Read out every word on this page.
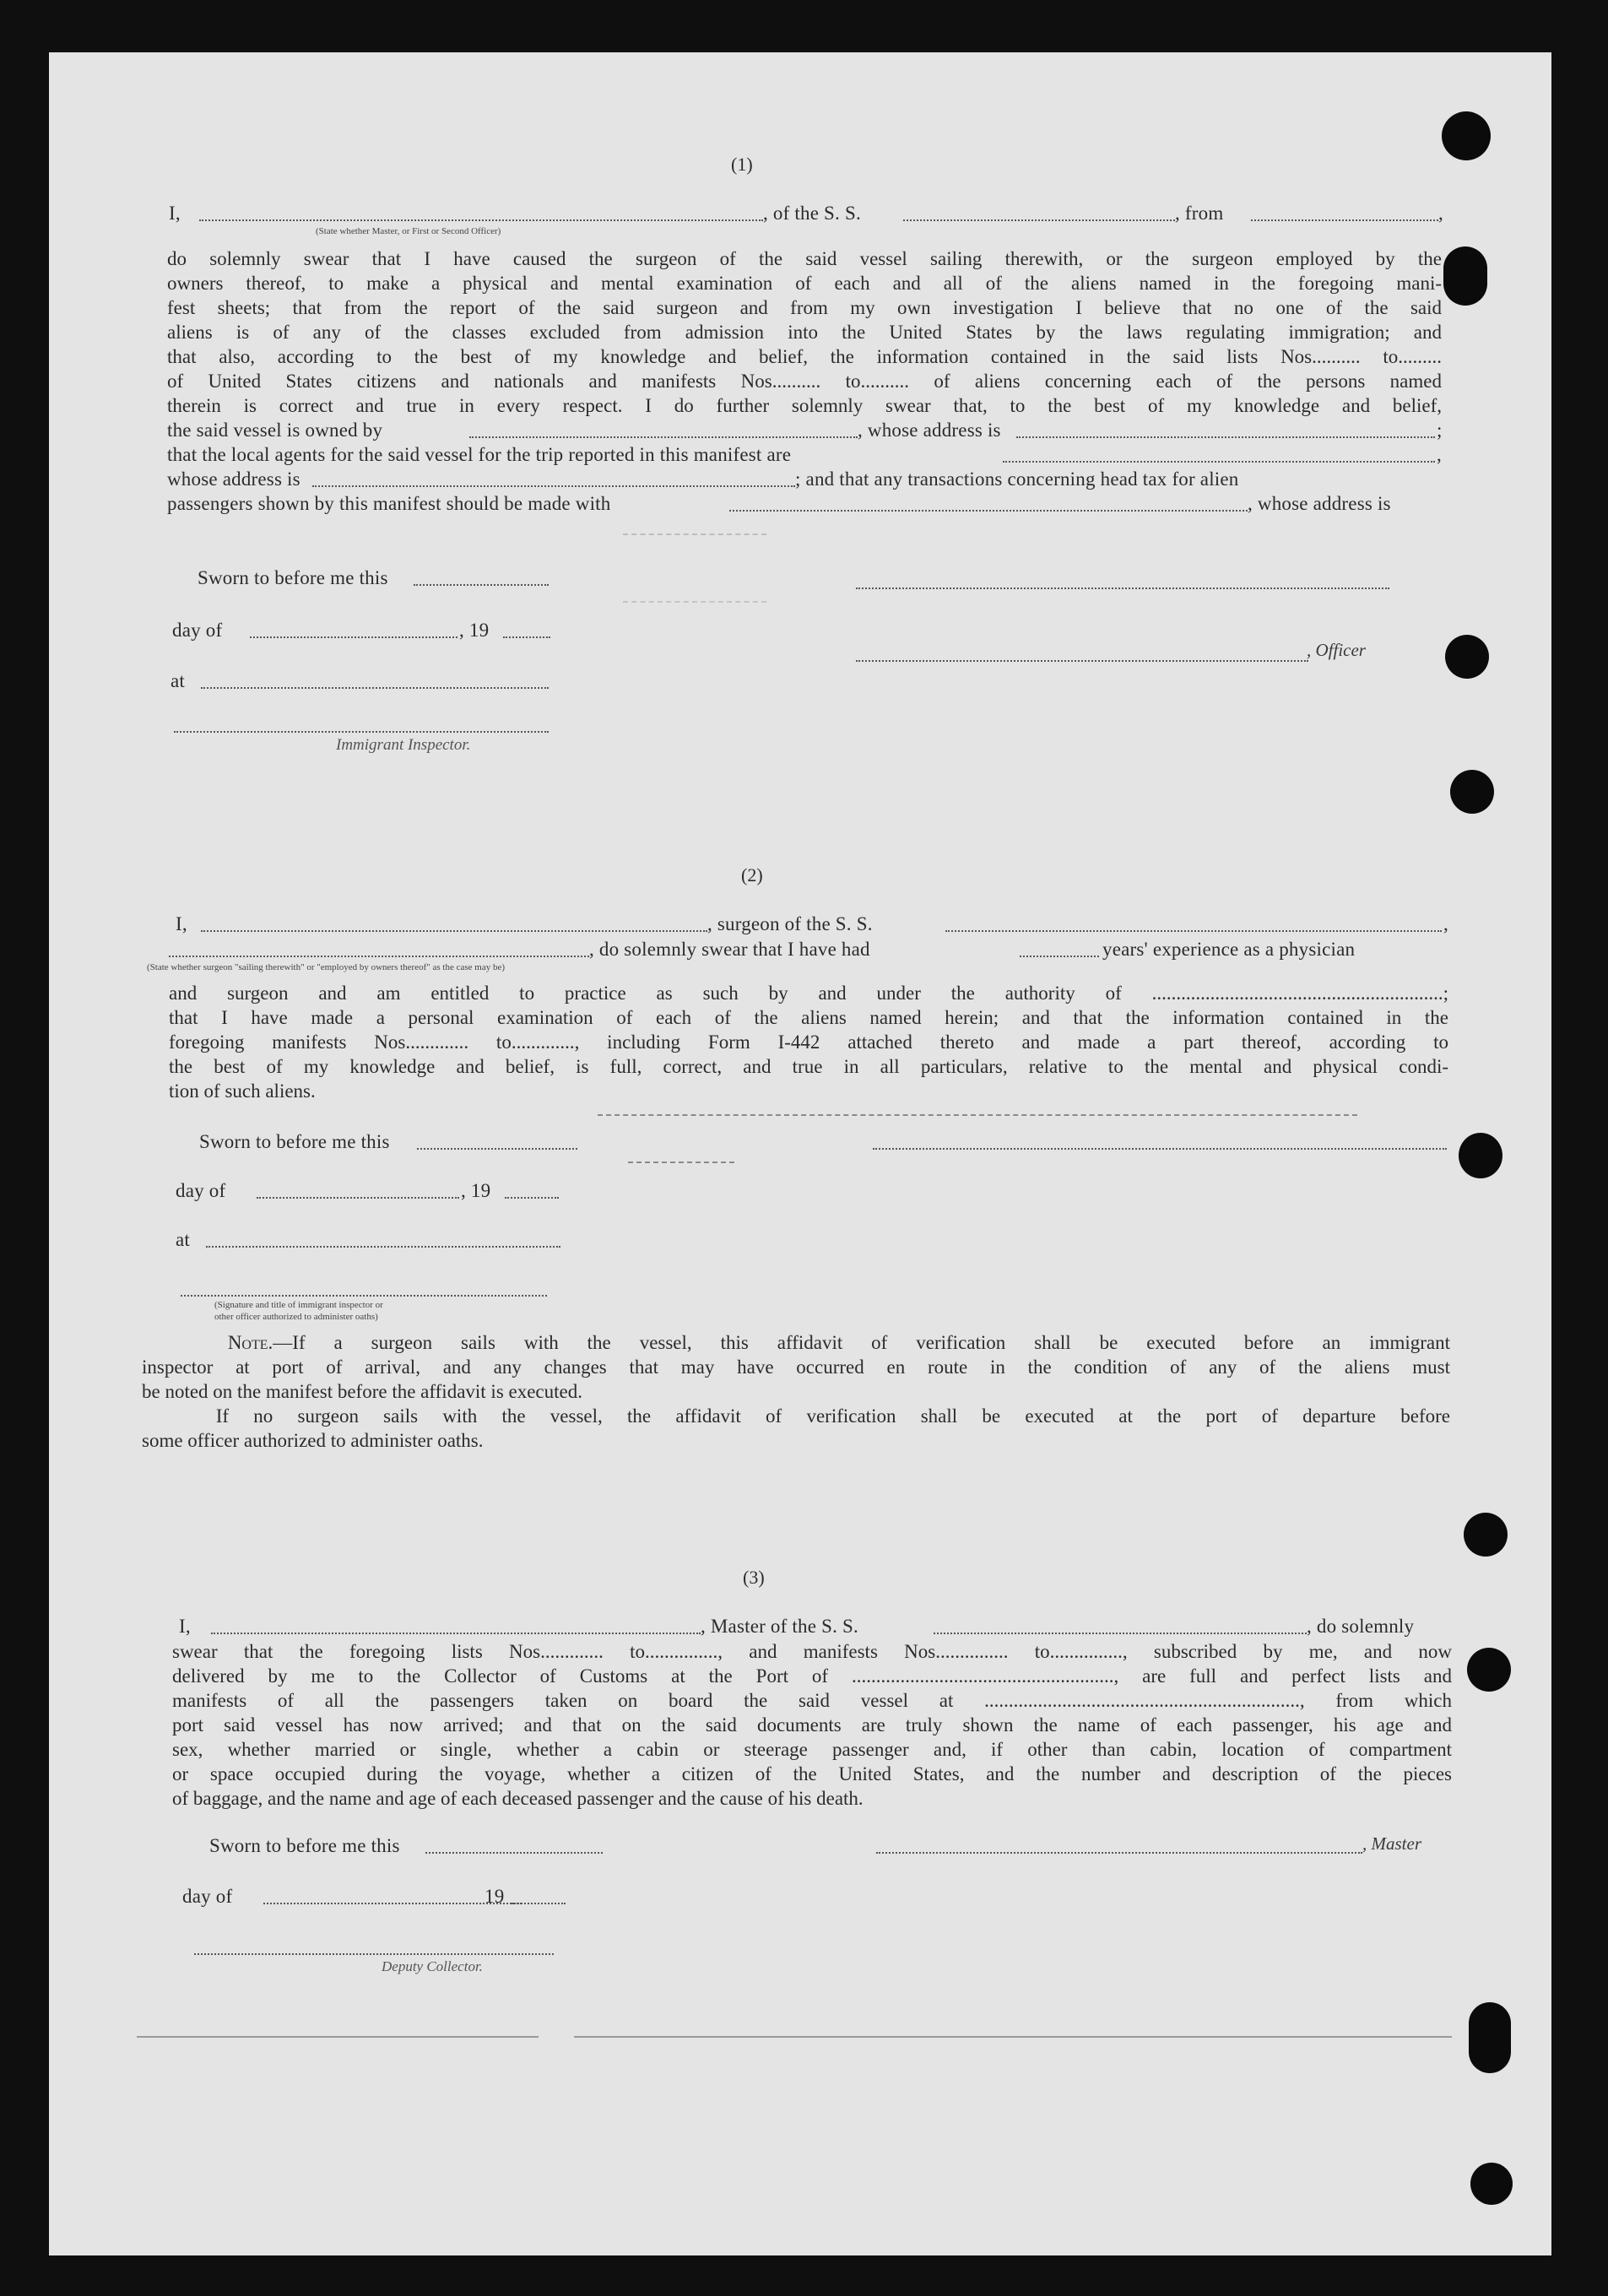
(1)
I,	, of the S. S.	, from	,
(State whether Master, or First or Second Officer)

do solemnly swear that I have caused the surgeon of the said vessel sailing therewith, or the surgeon employed by the

owners thereof, to make a physical and mental examination of each and all of the aliens named in the foregoing mani-

fest sheets; that from the report of the said surgeon and from my own investigation I believe that no one of the said

aliens is of any of the classes excluded from admission into the United States by the laws regulating immigration; and

that also, according to the best of my knowledge and belief, the information contained in the said lists Nos.......... to.........

of United States citizens and nationals and manifests Nos.......... to.......... of aliens concerning each of the persons named

therein is correct and true in every respect. I do further solemnly swear that, to the best of my knowledge and belief,

the said vessel is owned by	, whose address is	;
that the local agents for the said vessel for the trip reported in this manifest are	,
whose address is	; and that any transactions concerning head tax for alien
passengers shown by this manifest should be made with	, whose address is
Sworn to before me this
day of	, 19
at
Immigrant Inspector.
, Officer
(2)
I,	, surgeon of the S. S.	,
, do solemnly swear that I have had	years' experience as a physician
(State whether surgeon "sailing therewith" or "employed by owners thereof" as the case may be)

and surgeon and am entitled to practice as such by and under the authority of ............................................................;

that I have made a personal examination of each of the aliens named herein; and that the information contained in the

foregoing manifests Nos............. to............., including Form I-442 attached thereto and made a part thereof, according to

the best of my knowledge and belief, is full, correct, and true in all particulars, relative to the mental and physical condi-

tion of such aliens.

Sworn to before me this
day of	, 19
at
(Signature and title of immigrant inspector or
other officer authorized to administer oaths)

Note.—If a surgeon sails with the vessel, this affidavit of verification shall be executed before an immigrant

inspector at port of arrival, and any changes that may have occurred en route in the condition of any of the aliens must

be noted on the manifest before the affidavit is executed.

If no surgeon sails with the vessel, the affidavit of verification shall be executed at the port of departure before

some officer authorized to administer oaths.

(3)
I,	, Master of the S. S.	, do solemnly

swear that the foregoing lists Nos............. to..............., and manifests Nos............... to..............., subscribed by me, and now

delivered by me to the Collector of Customs at the Port of ......................................................, are full and perfect lists and

manifests of all the passengers taken on board the said vessel at ................................................................., from which

port said vessel has now arrived; and that on the said documents are truly shown the name of each passenger, his age and

sex, whether married or single, whether a cabin or steerage passenger and, if other than cabin, location of compartment

or space occupied during the voyage, whether a citizen of the United States, and the number and description of the pieces

of baggage, and the name and age of each deceased passenger and the cause of his death.

Sworn to before me this	, Master
day of	19
Deputy Collector.
